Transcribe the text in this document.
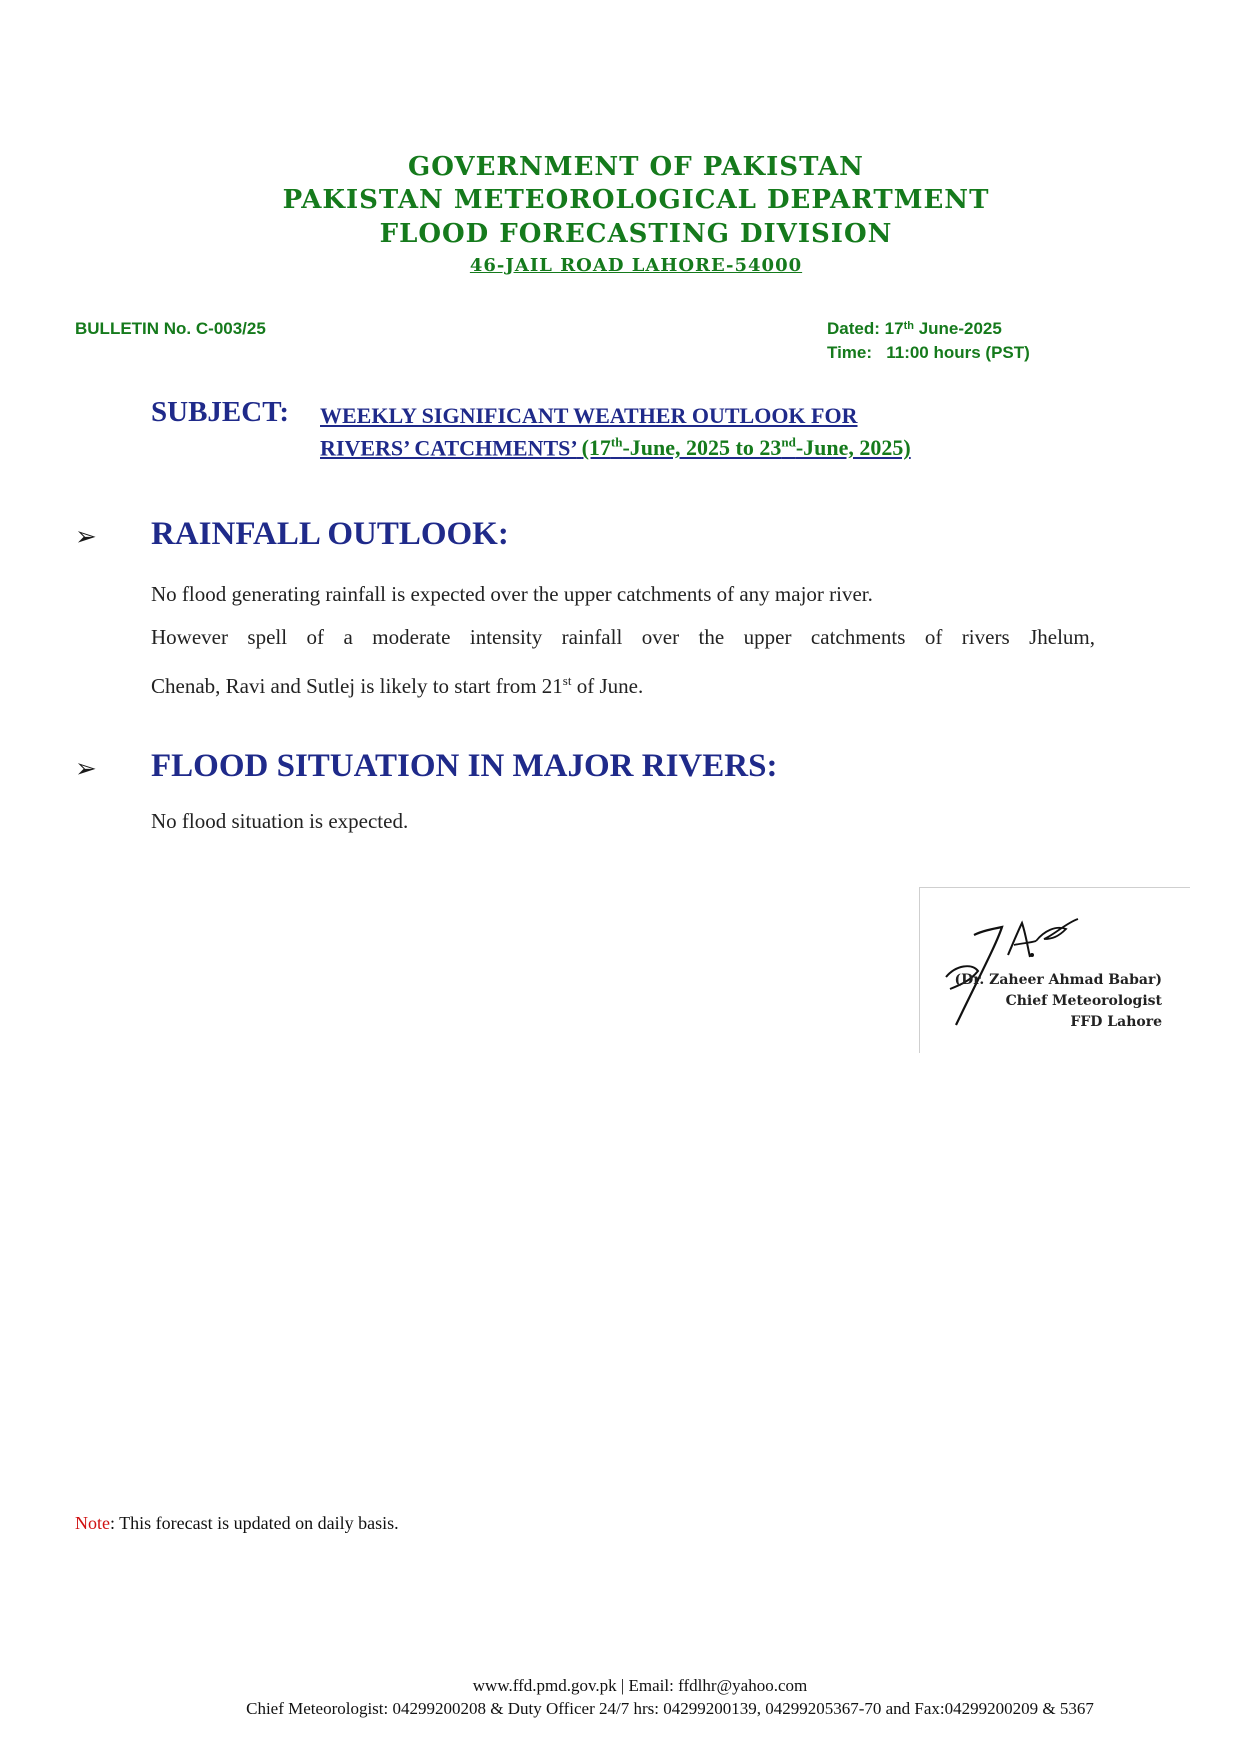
GOVERNMENT OF PAKISTAN
PAKISTAN METEOROLOGICAL DEPARTMENT
FLOOD FORECASTING DIVISION
46-JAIL ROAD LAHORE-54000
BULLETIN No. C-003/25	Dated: 17th June-2025
Time: 11:00 hours (PST)
SUBJECT: WEEKLY SIGNIFICANT WEATHER OUTLOOK FOR
RIVERS’ CATCHMENTS’ (17th-June, 2025 to 23nd-June, 2025)
➢ RAINFALL OUTLOOK:
No flood generating rainfall is expected over the upper catchments of any major river.
However spell of a moderate intensity rainfall over the upper catchments of rivers Jhelum,
Chenab, Ravi and Sutlej is likely to start from 21st of June.
➢ FLOOD SITUATION IN MAJOR RIVERS:
No flood situation is expected.
(Dr. Zaheer Ahmad Babar)
Chief Meteorologist
FFD Lahore
Note: This forecast is updated on daily basis.
www.ffd.pmd.gov.pk | Email: ffdlhr@yahoo.com
Chief Meteorologist: 04299200208 & Duty Officer 24/7 hrs: 04299200139, 04299205367-70 and Fax:04299200209 & 5367
